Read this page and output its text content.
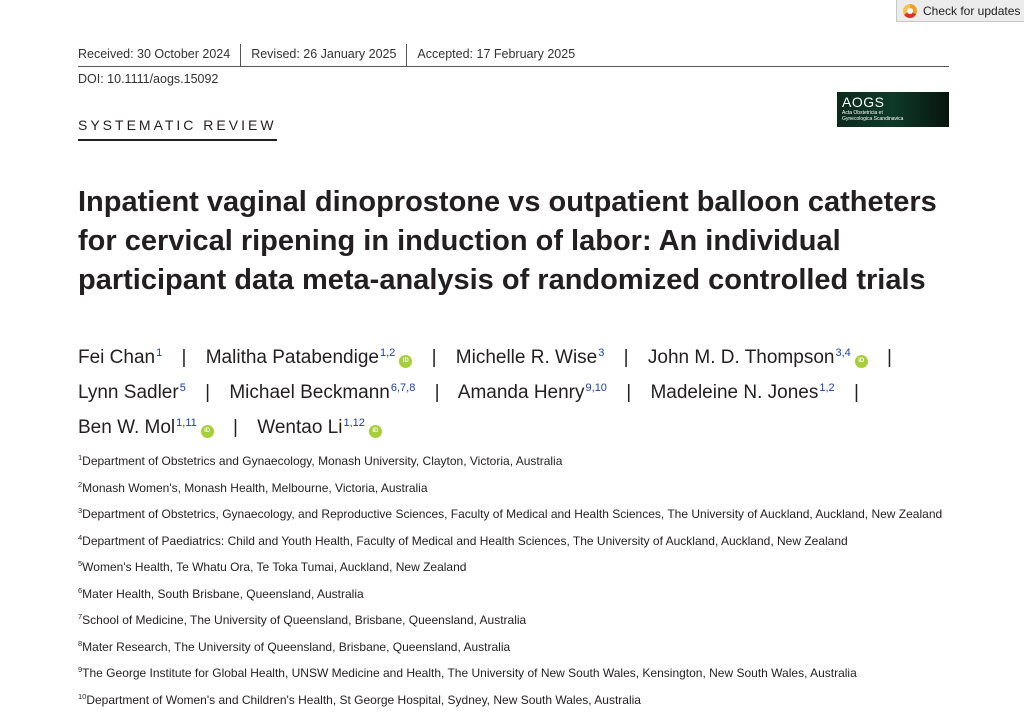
Check for updates
Received: 30 October 2024	Revised: 26 January 2025	Accepted: 17 February 2025
DOI: 10.1111/aogs.15092
SYSTEMATIC REVIEW
AOGS
Acta Obstetricia et Gynecologica Scandinavica
Inpatient vaginal dinoprostone vs outpatient balloon catheters for cervical ripening in induction of labor: An individual participant data meta-analysis of randomized controlled trials
Fei Chan$^1$ | Malitha Patabendige$^{1,2}$iD | Michelle R. Wise$^3$ | John M. D. Thompson$^{3,4}$iD | Lynn Sadler$^5$ | Michael Beckmann$^{6,7,8}$ | Amanda Henry$^{9,10}$ | Madeleine N. Jones$^{1,2}$ | Ben W. Mol$^{1,11}$iD | Wentao Li$^{1,12}$iD
$^1$Department of Obstetrics and Gynaecology, Monash University, Clayton, Victoria, Australia
$^2$Monash Women's, Monash Health, Melbourne, Victoria, Australia
$^3$Department of Obstetrics, Gynaecology, and Reproductive Sciences, Faculty of Medical and Health Sciences, The University of Auckland, Auckland, New Zealand
$^4$Department of Paediatrics: Child and Youth Health, Faculty of Medical and Health Sciences, The University of Auckland, Auckland, New Zealand
$^5$Women's Health, Te Whatu Ora, Te Toka Tumai, Auckland, New Zealand
$^6$Mater Health, South Brisbane, Queensland, Australia
$^7$School of Medicine, The University of Queensland, Brisbane, Queensland, Australia
$^8$Mater Research, The University of Queensland, Brisbane, Queensland, Australia
$^9$The George Institute for Global Health, UNSW Medicine and Health, The University of New South Wales, Kensington, New South Wales, Australia
$^{10}$Department of Women's and Children's Health, St George Hospital, Sydney, New South Wales, Australia
